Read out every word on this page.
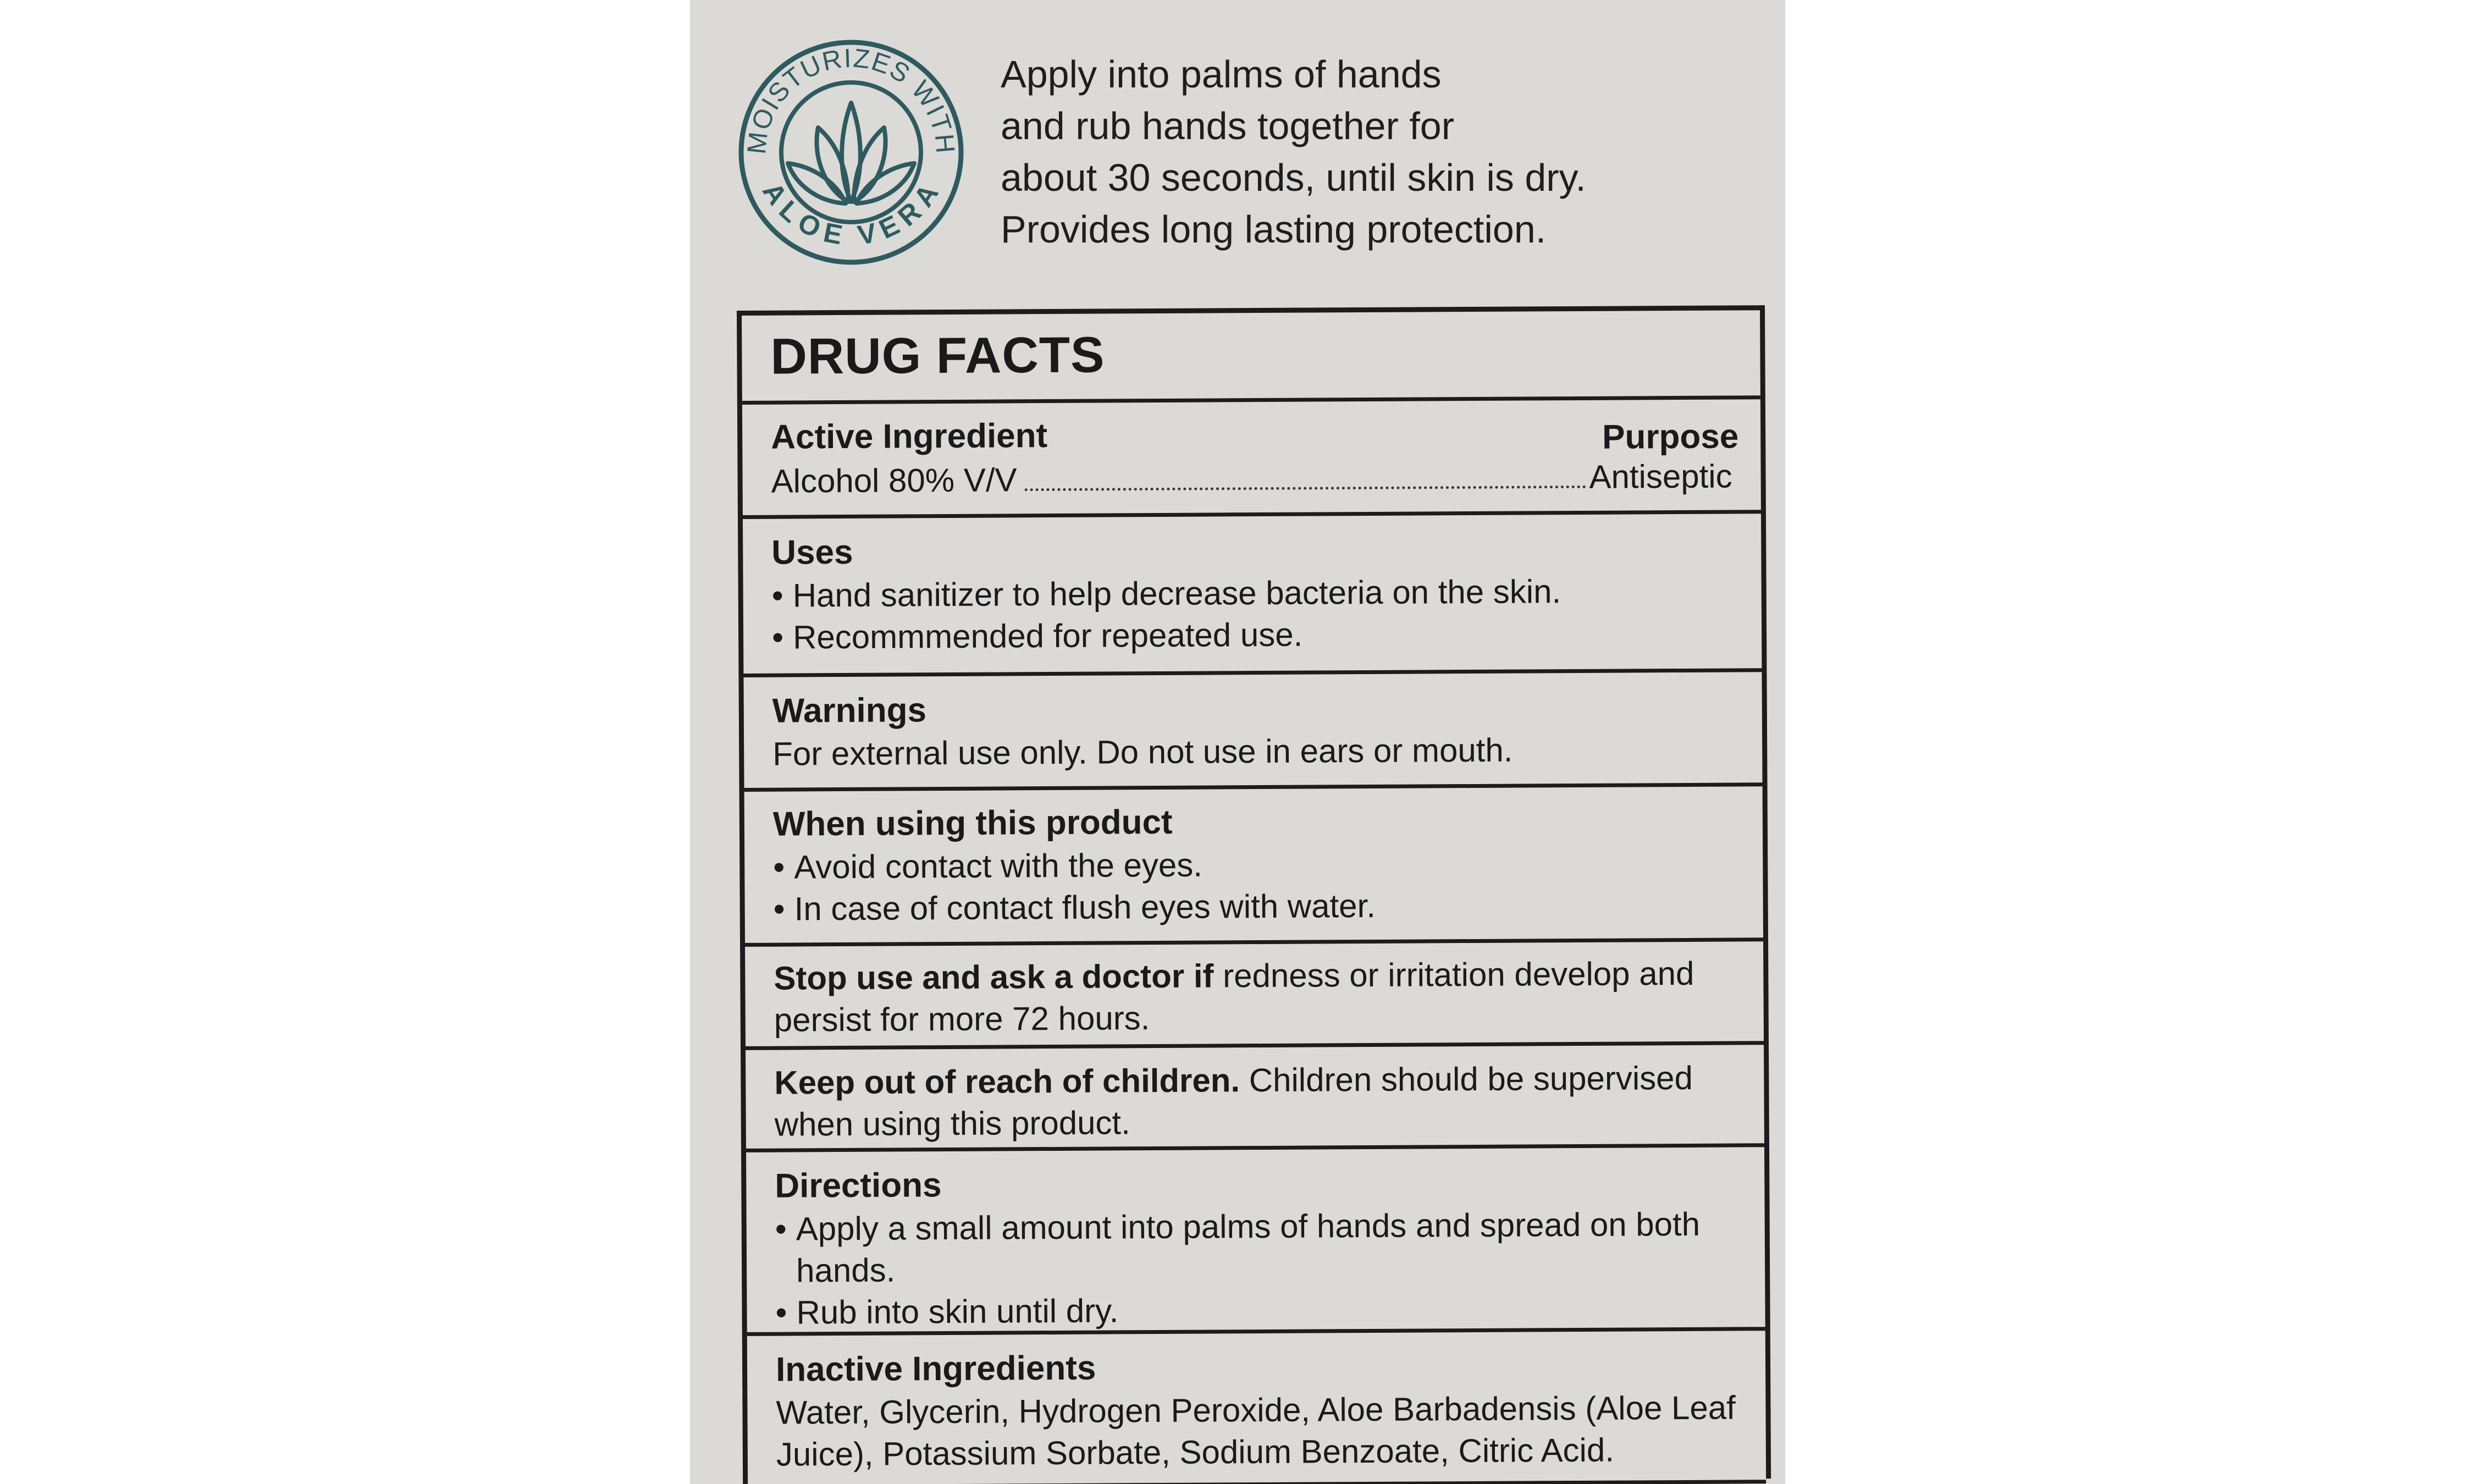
MOISTURIZES WITH
ALOE VERA
Apply into palms of hands
and rub hands together for
about 30 seconds, until skin is dry.
Provides long lasting protection.
DRUG FACTS

Active Ingredient	Purpose
Alcohol 80% V/V	Antiseptic

Uses

• Hand sanitizer to help decrease bacteria on the skin.
• Recommmended for repeated use.

Warnings

For external use only. Do not use in ears or mouth.

When using this product

• Avoid contact with the eyes.
• In case of contact flush eyes with water.

Stop use and ask a doctor if redness or irritation develop and persist for more 72 hours.

Keep out of reach of children. Children should be supervised when using this product.

Directions

• Apply a small amount into palms of hands and spread on both hands.
• Rub into skin until dry.

Inactive Ingredients

Water, Glycerin, Hydrogen Peroxide, Aloe Barbadensis (Aloe Leaf Juice), Potassium Sorbate, Sodium Benzoate, Citric Acid.
